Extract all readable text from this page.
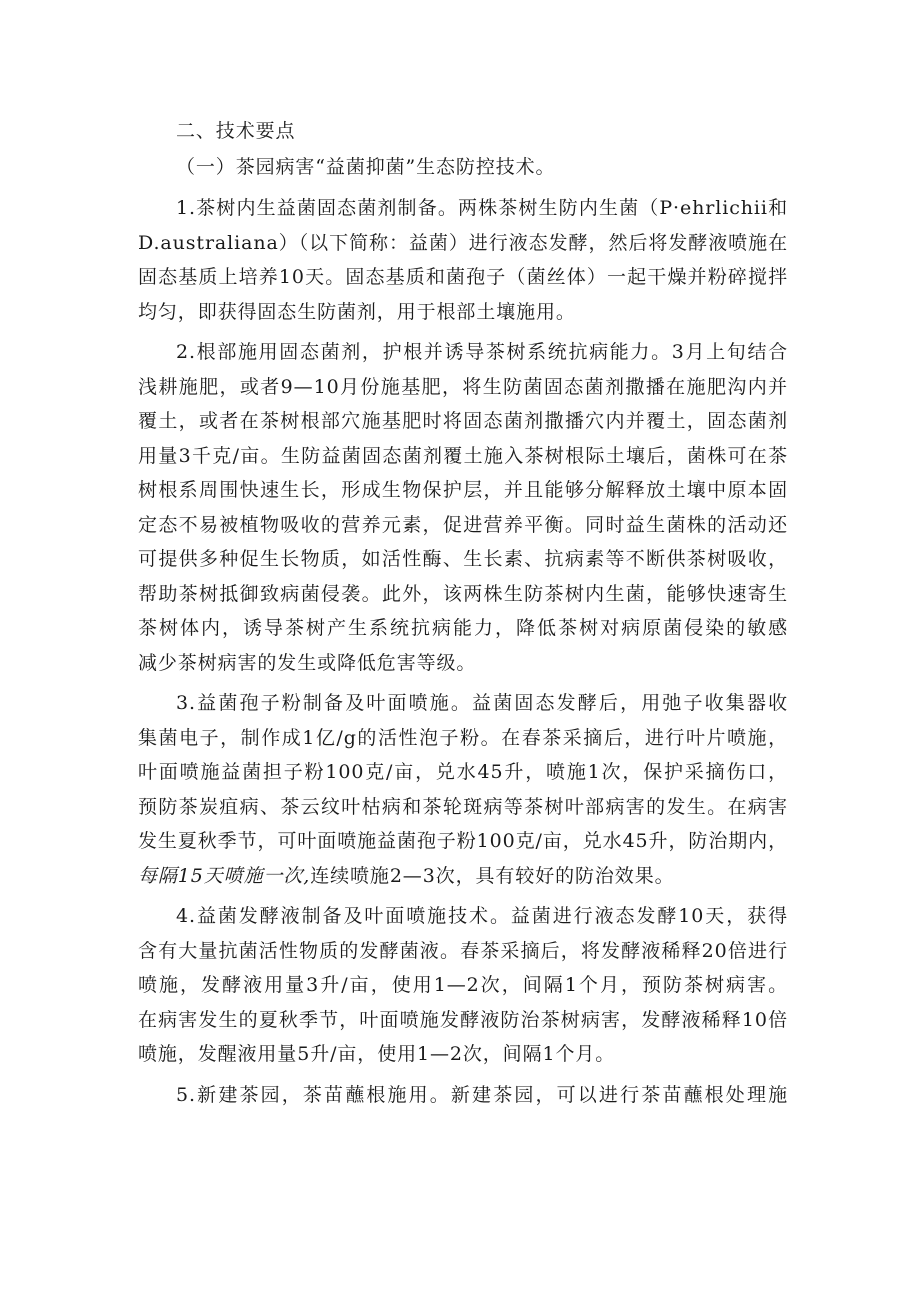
二、技术要点
（一）茶园病害“益菌抑菌”生态防控技术。
1.茶树内生益菌固态菌剂制备。两株茶树生防内生菌（P·ehrlichii和
D.australiana）（以下简称：益菌）进行液态发酵，然后将发酵液喷施在
固态基质上培养10天。固态基质和菌孢子（菌丝体）一起干燥并粉碎搅拌
均匀，即获得固态生防菌剂，用于根部土壤施用。
2.根部施用固态菌剂，护根并诱导茶树系统抗病能力。3月上旬结合
浅耕施肥，或者9—10月份施基肥，将生防菌固态菌剂撒播在施肥沟内并
覆土，或者在茶树根部穴施基肥时将固态菌剂撒播穴内并覆土，固态菌剂
用量3千克/亩。生防益菌固态菌剂覆土施入茶树根际土壤后，菌株可在茶
树根系周围快速生长，形成生物保护层，并且能够分解释放土壤中原本固
定态不易被植物吸收的营养元素，促进营养平衡。同时益生菌株的活动还
可提供多种促生长物质，如活性酶、生长素、抗病素等不断供茶树吸收，
帮助茶树抵御致病菌侵袭。此外，该两株生防茶树内生菌，能够快速寄生
茶树体内，诱导茶树产生系统抗病能力，降低茶树对病原菌侵染的敏感
减少茶树病害的发生或降低危害等级。
3.益菌孢子粉制备及叶面喷施。益菌固态发酵后，用弛子收集器收
集菌电子，制作成1亿/g的活性泡子粉。在春茶采摘后，进行叶片喷施，
叶面喷施益菌担子粉100克/亩，兑水45升，喷施1次，保护采摘伤口，
预防茶炭疽病、茶云纹叶枯病和茶轮斑病等茶树叶部病害的发生。在病害
发生夏秋季节，可叶面喷施益菌孢子粉100克/亩，兑水45升，防治期内，
每隔15天喷施一次,连续喷施2—3次，具有较好的防治效果。
4.益菌发酵液制备及叶面喷施技术。益菌进行液态发酵10天，获得
含有大量抗菌活性物质的发酵菌液。春茶采摘后，将发酵液稀释20倍进行
喷施，发酵液用量3升/亩，使用1—2次，间隔1个月，预防茶树病害。
在病害发生的夏秋季节，叶面喷施发酵液防治茶树病害，发酵液稀释10倍
喷施，发醒液用量5升/亩，使用1—2次，间隔1个月。
5.新建茶园，茶苗蘸根施用。新建茶园，可以进行茶苗蘸根处理施
